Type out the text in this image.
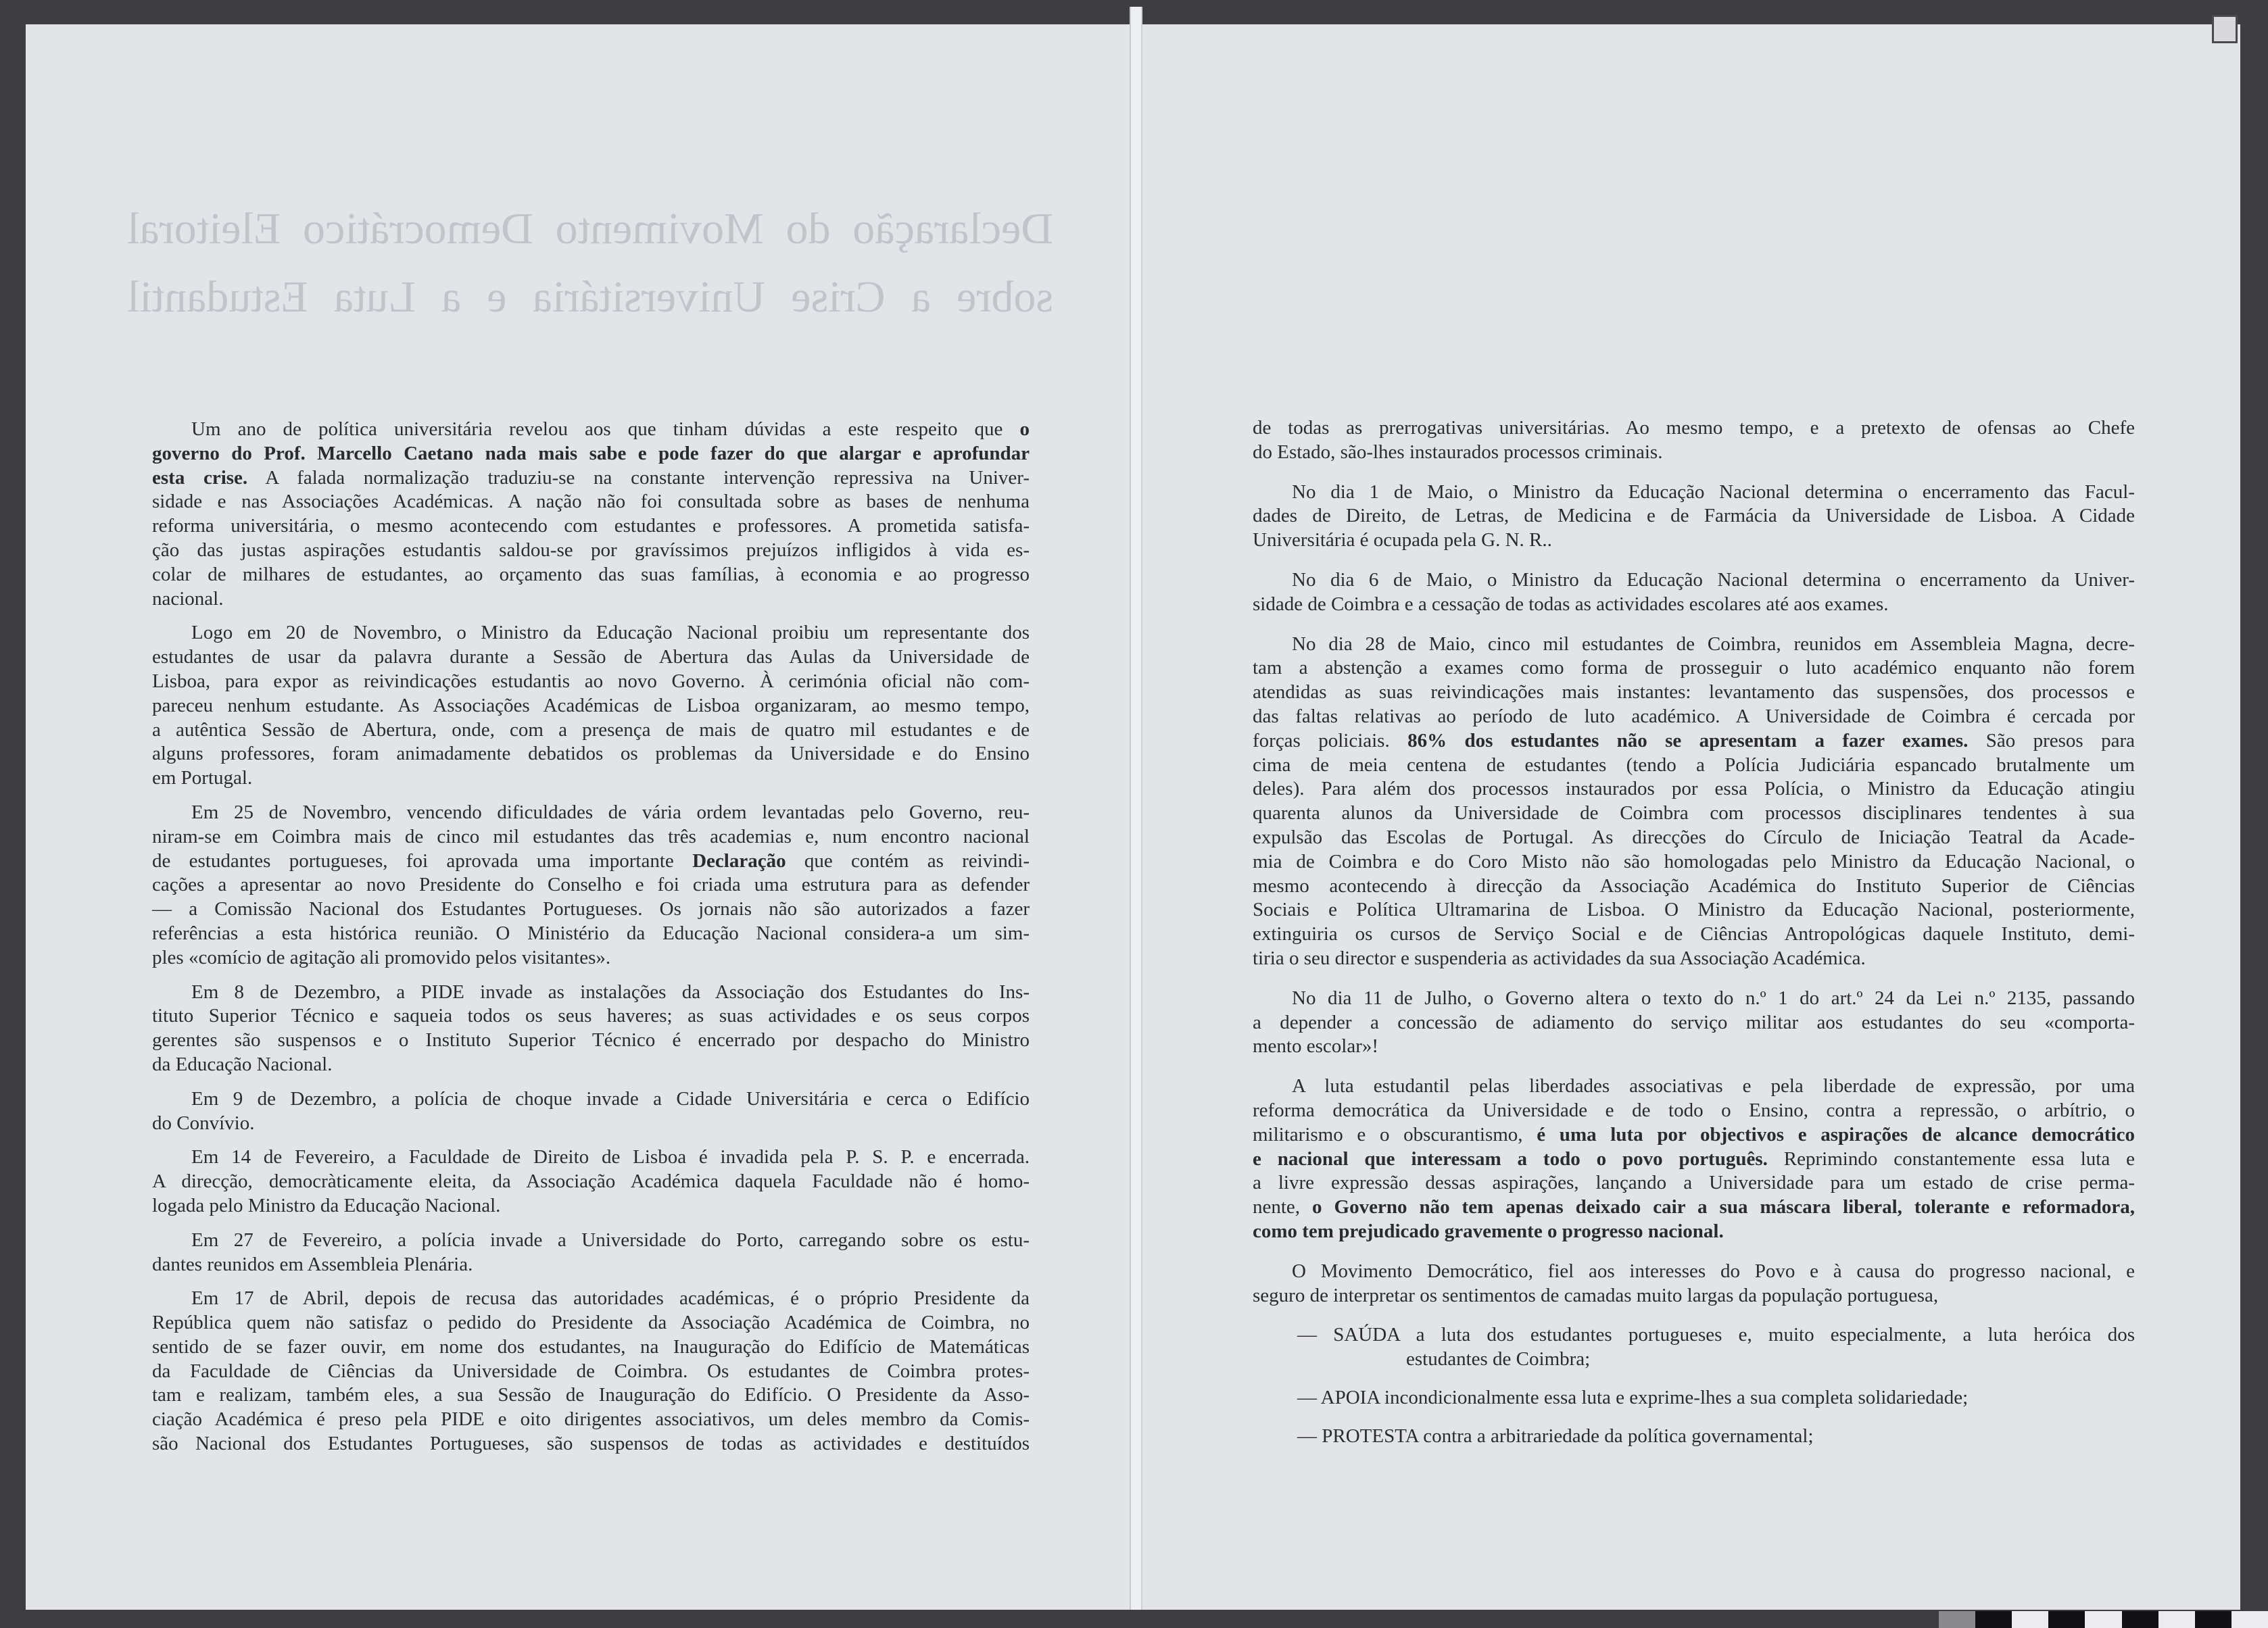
Declaração do Movimento Democrático Eleitoral
sobre a Crise Universitária e a Luta Estudantil
Um ano de política universitária revelou aos que tinham dúvidas a este respeito que o
governo do Prof. Marcello Caetano nada mais sabe e pode fazer do que alargar e aprofundar
esta crise. A falada normalização traduziu-se na constante intervenção repressiva na Univer-
sidade e nas Associações Académicas. A nação não foi consultada sobre as bases de nenhuma
reforma universitária, o mesmo acontecendo com estudantes e professores. A prometida satisfa-
ção das justas aspirações estudantis saldou-se por gravíssimos prejuízos infligidos à vida es-
colar de milhares de estudantes, ao orçamento das suas famílias, à economia e ao progresso
nacional.
Logo em 20 de Novembro, o Ministro da Educação Nacional proibiu um representante dos
estudantes de usar da palavra durante a Sessão de Abertura das Aulas da Universidade de
Lisboa, para expor as reivindicações estudantis ao novo Governo. À cerimónia oficial não com-
pareceu nenhum estudante. As Associações Académicas de Lisboa organizaram, ao mesmo tempo,
a autêntica Sessão de Abertura, onde, com a presença de mais de quatro mil estudantes e de
alguns professores, foram animadamente debatidos os problemas da Universidade e do Ensino
em Portugal.
Em 25 de Novembro, vencendo dificuldades de vária ordem levantadas pelo Governo, reu-
niram-se em Coimbra mais de cinco mil estudantes das três academias e, num encontro nacional
de estudantes portugueses, foi aprovada uma importante Declaração que contém as reivindi-
cações a apresentar ao novo Presidente do Conselho e foi criada uma estrutura para as defender
— a Comissão Nacional dos Estudantes Portugueses. Os jornais não são autorizados a fazer
referências a esta histórica reunião. O Ministério da Educação Nacional considera-a um sim-
ples «comício de agitação ali promovido pelos visitantes».
Em 8 de Dezembro, a PIDE invade as instalações da Associação dos Estudantes do Ins-
tituto Superior Técnico e saqueia todos os seus haveres; as suas actividades e os seus corpos
gerentes são suspensos e o Instituto Superior Técnico é encerrado por despacho do Ministro
da Educação Nacional.
Em 9 de Dezembro, a polícia de choque invade a Cidade Universitária e cerca o Edifício
do Convívio.
Em 14 de Fevereiro, a Faculdade de Direito de Lisboa é invadida pela P. S. P. e encerrada.
A direcção, democràticamente eleita, da Associação Académica daquela Faculdade não é homo-
logada pelo Ministro da Educação Nacional.
Em 27 de Fevereiro, a polícia invade a Universidade do Porto, carregando sobre os estu-
dantes reunidos em Assembleia Plenária.
Em 17 de Abril, depois de recusa das autoridades académicas, é o próprio Presidente da
República quem não satisfaz o pedido do Presidente da Associação Académica de Coimbra, no
sentido de se fazer ouvir, em nome dos estudantes, na Inauguração do Edifício de Matemáticas
da Faculdade de Ciências da Universidade de Coimbra. Os estudantes de Coimbra protes-
tam e realizam, também eles, a sua Sessão de Inauguração do Edifício. O Presidente da Asso-
ciação Académica é preso pela PIDE e oito dirigentes associativos, um deles membro da Comis-
são Nacional dos Estudantes Portugueses, são suspensos de todas as actividades e destituídos
de todas as prerrogativas universitárias. Ao mesmo tempo, e a pretexto de ofensas ao Chefe
do Estado, são-lhes instaurados processos criminais.
No dia 1 de Maio, o Ministro da Educação Nacional determina o encerramento das Facul-
dades de Direito, de Letras, de Medicina e de Farmácia da Universidade de Lisboa. A Cidade
Universitária é ocupada pela G. N. R..
No dia 6 de Maio, o Ministro da Educação Nacional determina o encerramento da Univer-
sidade de Coimbra e a cessação de todas as actividades escolares até aos exames.
No dia 28 de Maio, cinco mil estudantes de Coimbra, reunidos em Assembleia Magna, decre-
tam a abstenção a exames como forma de prosseguir o luto académico enquanto não forem
atendidas as suas reivindicações mais instantes: levantamento das suspensões, dos processos e
das faltas relativas ao período de luto académico. A Universidade de Coimbra é cercada por
forças policiais. 86% dos estudantes não se apresentam a fazer exames. São presos para
cima de meia centena de estudantes (tendo a Polícia Judiciária espancado brutalmente um
deles). Para além dos processos instaurados por essa Polícia, o Ministro da Educação atingiu
quarenta alunos da Universidade de Coimbra com processos disciplinares tendentes à sua
expulsão das Escolas de Portugal. As direcções do Círculo de Iniciação Teatral da Acade-
mia de Coimbra e do Coro Misto não são homologadas pelo Ministro da Educação Nacional, o
mesmo acontecendo à direcção da Associação Académica do Instituto Superior de Ciências
Sociais e Política Ultramarina de Lisboa. O Ministro da Educação Nacional, posteriormente,
extinguiria os cursos de Serviço Social e de Ciências Antropológicas daquele Instituto, demi-
tiria o seu director e suspenderia as actividades da sua Associação Académica.
No dia 11 de Julho, o Governo altera o texto do n.º 1 do art.º 24 da Lei n.º 2135, passando
a depender a concessão de adiamento do serviço militar aos estudantes do seu «comporta-
mento escolar»!
A luta estudantil pelas liberdades associativas e pela liberdade de expressão, por uma
reforma democrática da Universidade e de todo o Ensino, contra a repressão, o arbítrio, o
militarismo e o obscurantismo, é uma luta por objectivos e aspirações de alcance democrático
e nacional que interessam a todo o povo português. Reprimindo constantemente essa luta e
a livre expressão dessas aspirações, lançando a Universidade para um estado de crise perma-
nente, o Governo não tem apenas deixado cair a sua máscara liberal, tolerante e reformadora,
como tem prejudicado gravemente o progresso nacional.
O Movimento Democrático, fiel aos interesses do Povo e à causa do progresso nacional, e
seguro de interpretar os sentimentos de camadas muito largas da população portuguesa,
— SAÚDA a luta dos estudantes portugueses e, muito especialmente, a luta heróica dos
estudantes de Coimbra;
— APOIA incondicionalmente essa luta e exprime-lhes a sua completa solidariedade;
— PROTESTA contra a arbitrariedade da política governamental;
